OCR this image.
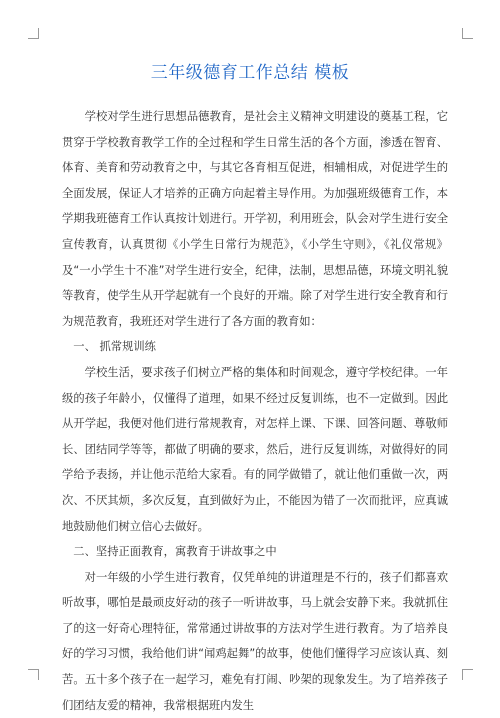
三年级德育工作总结 模板

学校对学生进行思想品德教育，是社会主义精神文明建设的奠基工程，它贯穿于学校教育教学工作的全过程和学生日常生活的各个方面，渗透在智育、体育、美育和劳动教育之中，与其它各育相互促进，相辅相成，对促进学生的全面发展，保证人才培养的正确方向起着主导作用。为加强班级德育工作，本学期我班德育工作认真按计划进行。开学初，利用班会，队会对学生进行安全宣传教育，认真贯彻《小学生日常行为规范》，《小学生守则》，《礼仪常规》及“一小学生十不准”对学生进行安全，纪律，法制，思想品德，环境文明礼貌等教育，使学生从开学起就有一个良好的开端。除了对学生进行安全教育和行为规范教育，我班还对学生进行了各方面的教育如：

一、 抓常规训练

学校生活，要求孩子们树立严格的集体和时间观念，遵守学校纪律。一年级的孩子年龄小，仅懂得了道理，如果不经过反复训练，也不一定做到。因此从开学起，我便对他们进行常规教育，对怎样上课、下课、回答问题、尊敬师长、团结同学等等，都做了明确的要求，然后，进行反复训练，对做得好的同学给予表扬，并让他示范给大家看。有的同学做错了，就让他们重做一次，两次、不厌其烦，多次反复，直到做好为止，不能因为错了一次而批评，应真诚地鼓励他们树立信心去做好。

二、坚持正面教育，寓教育于讲故事之中

对一年级的小学生进行教育，仅凭单纯的讲道理是不行的，孩子们都喜欢听故事，哪怕是最顽皮好动的孩子一听讲故事，马上就会安静下来。我就抓住了的这一好奇心理特征，常常通过讲故事的方法对学生进行教育。为了培养良好的学习习惯，我给他们讲“闻鸡起舞”的故事，使他们懂得学习应该认真、刻苦。五十多个孩子在一起学习，难免有打闹、吵架的现象发生。为了培养孩子们团结友爱的精神，我常根据班内发生
